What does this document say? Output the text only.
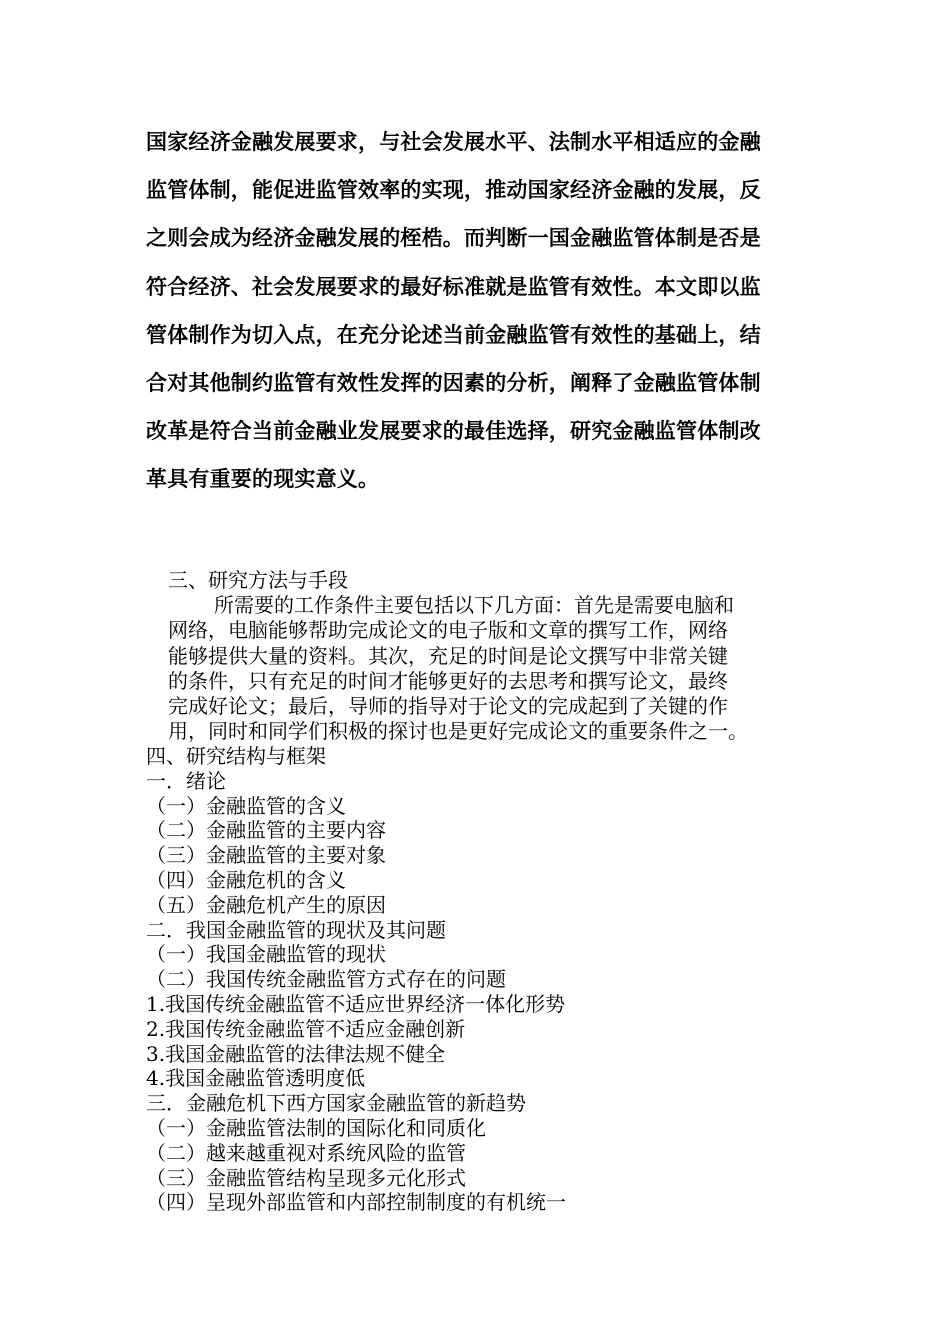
国家经济金融发展要求，与社会发展水平、法制水平相适应的金融
监管体制，能促进监管效率的实现，推动国家经济金融的发展，反
之则会成为经济金融发展的桎梏。而判断一国金融监管体制是否是
符合经济、社会发展要求的最好标准就是监管有效性。本文即以监
管体制作为切入点，在充分论述当前金融监管有效性的基础上，结
合对其他制约监管有效性发挥的因素的分析，阐释了金融监管体制
改革是符合当前金融业发展要求的最佳选择，研究金融监管体制改
革具有重要的现实意义。
三、研究方法与手段
所需要的工作条件主要包括以下几方面：首先是需要电脑和
网络，电脑能够帮助完成论文的电子版和文章的撰写工作，网络
能够提供大量的资料。其次，充足的时间是论文撰写中非常关键
的条件，只有充足的时间才能够更好的去思考和撰写论文，最终
完成好论文；最后，导师的指导对于论文的完成起到了关键的作
用，同时和同学们积极的探讨也是更好完成论文的重要条件之一。
四、研究结构与框架
一．绪论
（一）金融监管的含义
（二）金融监管的主要内容
（三）金融监管的主要对象
（四）金融危机的含义
（五）金融危机产生的原因
二．我国金融监管的现状及其问题
（一）我国金融监管的现状
（二）我国传统金融监管方式存在的问题
1.我国传统金融监管不适应世界经济一体化形势
2.我国传统金融监管不适应金融创新
3.我国金融监管的法律法规不健全
4.我国金融监管透明度低
三．金融危机下西方国家金融监管的新趋势
（一）金融监管法制的国际化和同质化
（二）越来越重视对系统风险的监管
（三）金融监管结构呈现多元化形式
（四）呈现外部监管和内部控制制度的有机统一
